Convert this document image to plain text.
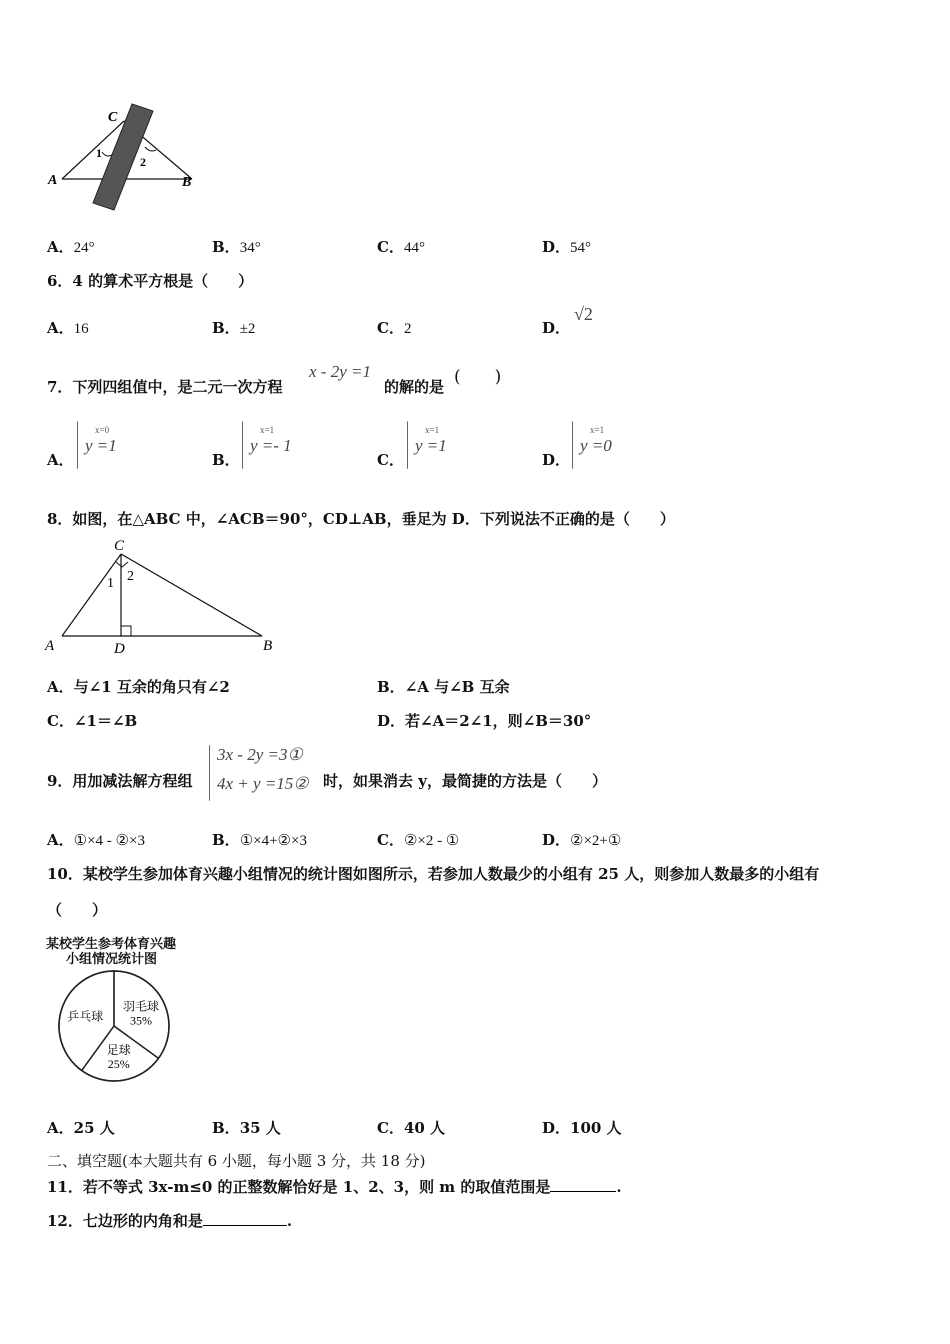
C
A	B
1
2
A．24°	B．34°	C．44°	D．54°
6．4 的算术平方根是（　　）
A．16	B．±2	C．2	D．
√2
7．下列四组值中，是二元一次方程
x - 2y =1
的解的是 (　　)
A．
x=0
y =1
B．
x=1
y =- 1
C．
x=1
y =1
D．
x=1
y =0
8．如图，在△ABC 中，∠ACB＝90°，CD⊥AB，垂足为 D．下列说法不正确的是（　　）
C
A	B
D
1 2
A．与∠1 互余的角只有∠2	B．∠A 与∠B 互余
C．∠1＝∠B	D．若∠A＝2∠1，则∠B＝30°
9．用加减法解方程组
3x - 2y =3①
4x + y =15② 时，如果消去 y，最简捷的方法是（　　）
A．①×4 - ②×3	B．①×4+②×3	C．②×2 - ①	D．②×2+①
10．某校学生参加体育兴趣小组情况的统计图如图所示，若参加人数最少的小组有 25 人，则参加人数最多的小组有
（　　）
某校学生参考体育兴趣
小组情况统计图
羽毛球
35%
足球
25%
乒乓球
A．25 人	B．35 人	C．40 人	D．100 人
二、填空题(本大题共有 6 小题，每小题 3 分，共 18 分)
11．若不等式 3x-m≤0 的正整数解恰好是 1、2、3，则 m 的取值范围是	.
12．七边形的内角和是	.
